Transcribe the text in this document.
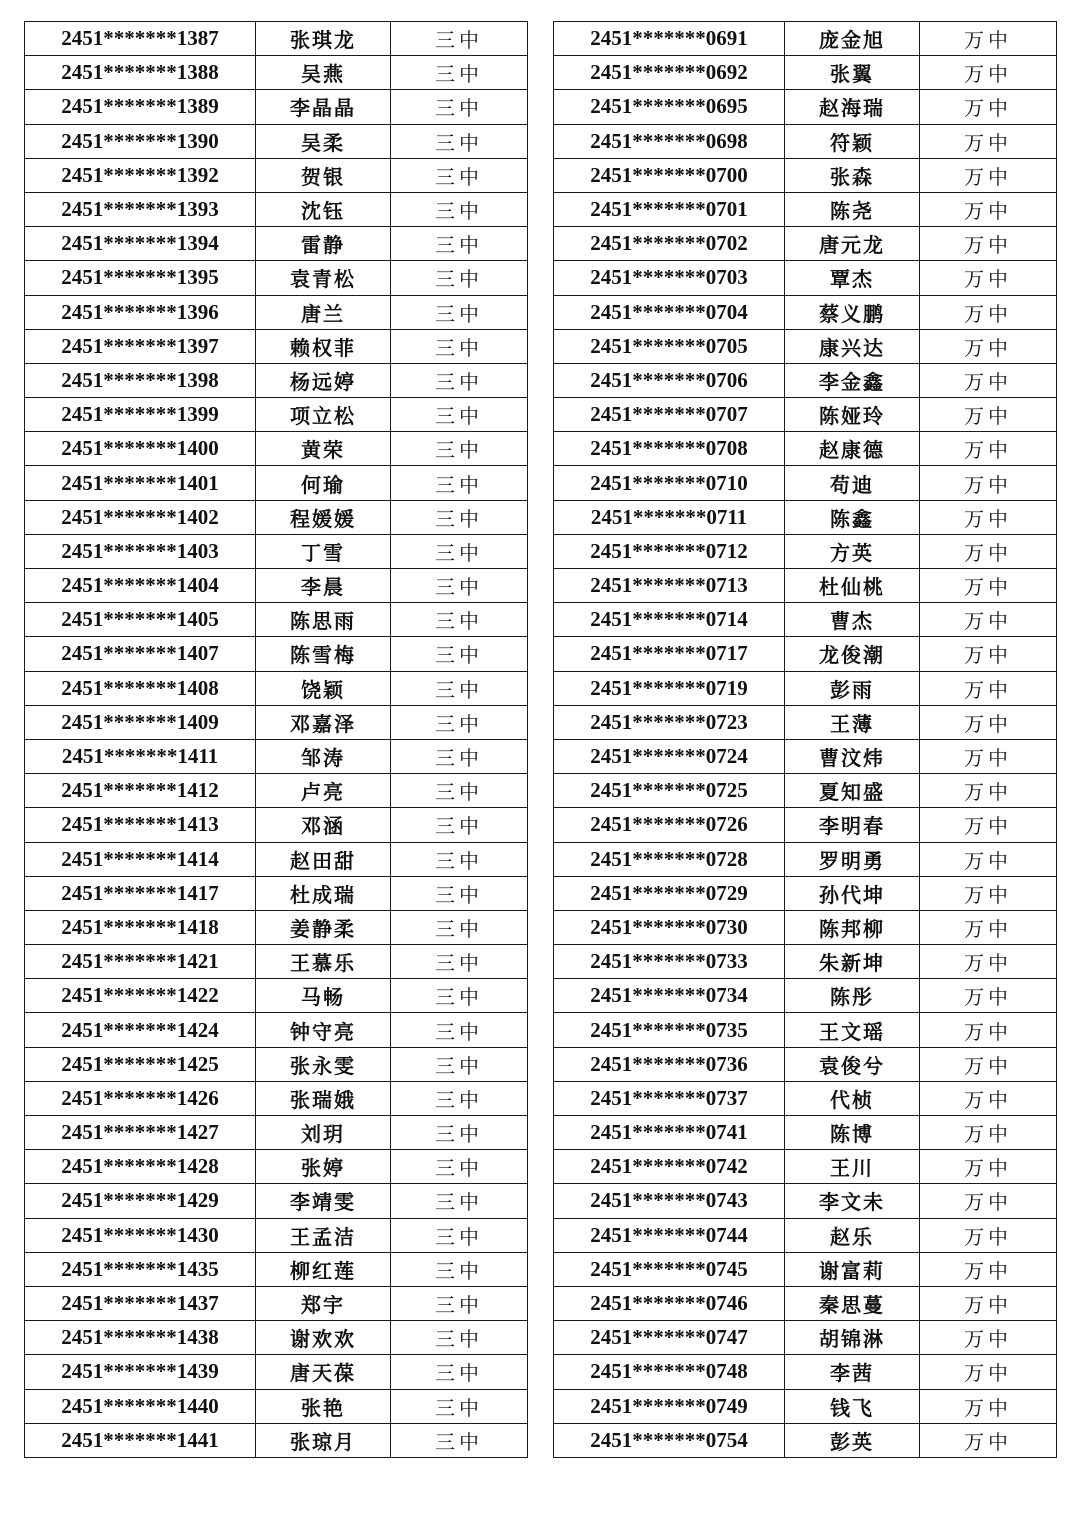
2451*******1387	张琪龙	三中
2451*******1388	吴燕	三中
2451*******1389	李晶晶	三中
2451*******1390	吴柔	三中
2451*******1392	贺银	三中
2451*******1393	沈钰	三中
2451*******1394	雷静	三中
2451*******1395	袁青松	三中
2451*******1396	唐兰	三中
2451*******1397	赖权菲	三中
2451*******1398	杨远婷	三中
2451*******1399	项立松	三中
2451*******1400	黄荣	三中
2451*******1401	何瑜	三中
2451*******1402	程媛媛	三中
2451*******1403	丁雪	三中
2451*******1404	李晨	三中
2451*******1405	陈思雨	三中
2451*******1407	陈雪梅	三中
2451*******1408	饶颖	三中
2451*******1409	邓嘉泽	三中
2451*******1411	邹涛	三中
2451*******1412	卢亮	三中
2451*******1413	邓涵	三中
2451*******1414	赵田甜	三中
2451*******1417	杜成瑞	三中
2451*******1418	姜静柔	三中
2451*******1421	王慕乐	三中
2451*******1422	马畅	三中
2451*******1424	钟守亮	三中
2451*******1425	张永雯	三中
2451*******1426	张瑞娥	三中
2451*******1427	刘玥	三中
2451*******1428	张婷	三中
2451*******1429	李靖雯	三中
2451*******1430	王孟洁	三中
2451*******1435	柳红莲	三中
2451*******1437	郑宇	三中
2451*******1438	谢欢欢	三中
2451*******1439	唐天葆	三中
2451*******1440	张艳	三中
2451*******1441	张琼月	三中
2451*******0691	庞金旭	万中
2451*******0692	张翼	万中
2451*******0695	赵海瑞	万中
2451*******0698	符颖	万中
2451*******0700	张森	万中
2451*******0701	陈尧	万中
2451*******0702	唐元龙	万中
2451*******0703	覃杰	万中
2451*******0704	蔡义鹏	万中
2451*******0705	康兴达	万中
2451*******0706	李金鑫	万中
2451*******0707	陈娅玲	万中
2451*******0708	赵康德	万中
2451*******0710	苟迪	万中
2451*******0711	陈鑫	万中
2451*******0712	方英	万中
2451*******0713	杜仙桃	万中
2451*******0714	曹杰	万中
2451*******0717	龙俊潮	万中
2451*******0719	彭雨	万中
2451*******0723	王薄	万中
2451*******0724	曹汶炜	万中
2451*******0725	夏知盛	万中
2451*******0726	李明春	万中
2451*******0728	罗明勇	万中
2451*******0729	孙代坤	万中
2451*******0730	陈邦柳	万中
2451*******0733	朱新坤	万中
2451*******0734	陈彤	万中
2451*******0735	王文瑶	万中
2451*******0736	袁俊兮	万中
2451*******0737	代桢	万中
2451*******0741	陈博	万中
2451*******0742	王川	万中
2451*******0743	李文未	万中
2451*******0744	赵乐	万中
2451*******0745	谢富莉	万中
2451*******0746	秦思蔓	万中
2451*******0747	胡锦淋	万中
2451*******0748	李茜	万中
2451*******0749	钱飞	万中
2451*******0754	彭英	万中
